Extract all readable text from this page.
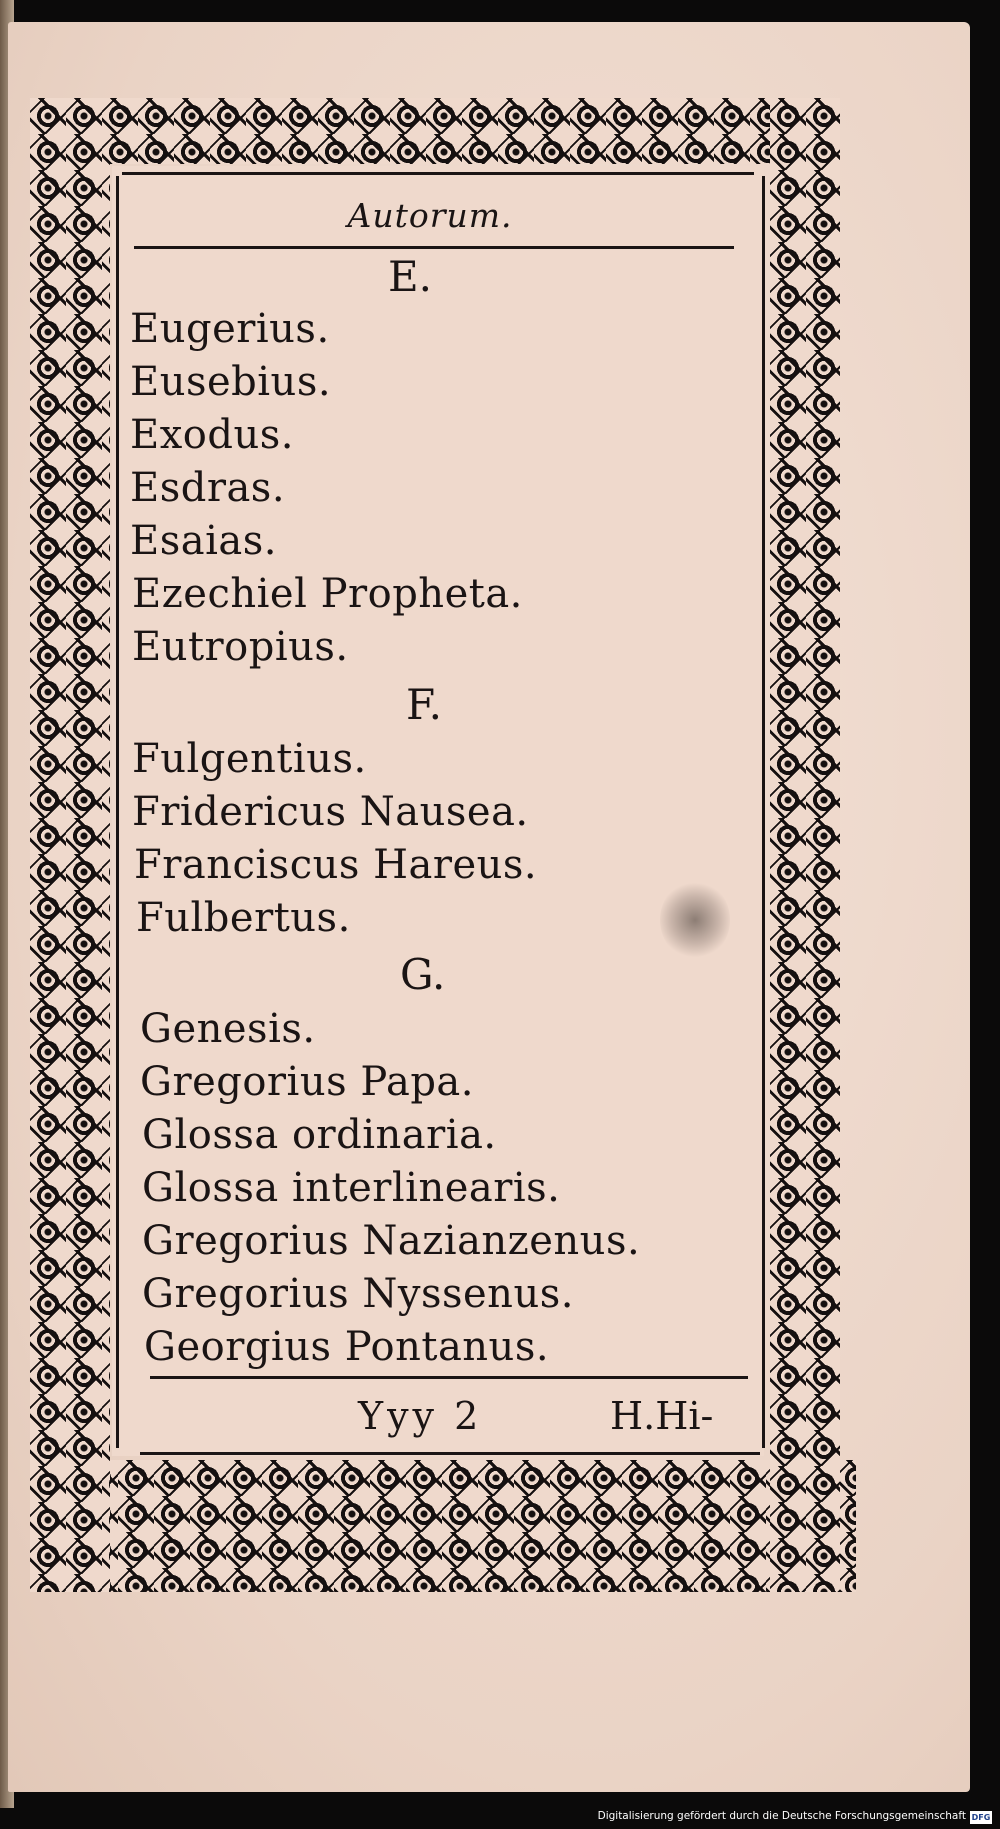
Autorum.
E.
Eugerius.
Eusebius.
Exodus.
Esdras.
Esaias.
Ezechiel Propheta.
Eutropius.
F.
Fulgentius.
Fridericus Nausea.
Franciscus Hareus.
Fulbertus.
G.
Genesis.
Gregorius Papa.
Glossa ordinaria.
Glossa interlinearis.
Gregorius Nazianzenus.
Gregorius Nyssenus.
Georgius Pontanus.
Yyy 2	H.Hi-
Digitalisierung gefördert durch die Deutsche Forschungsgemeinschaft DFG
